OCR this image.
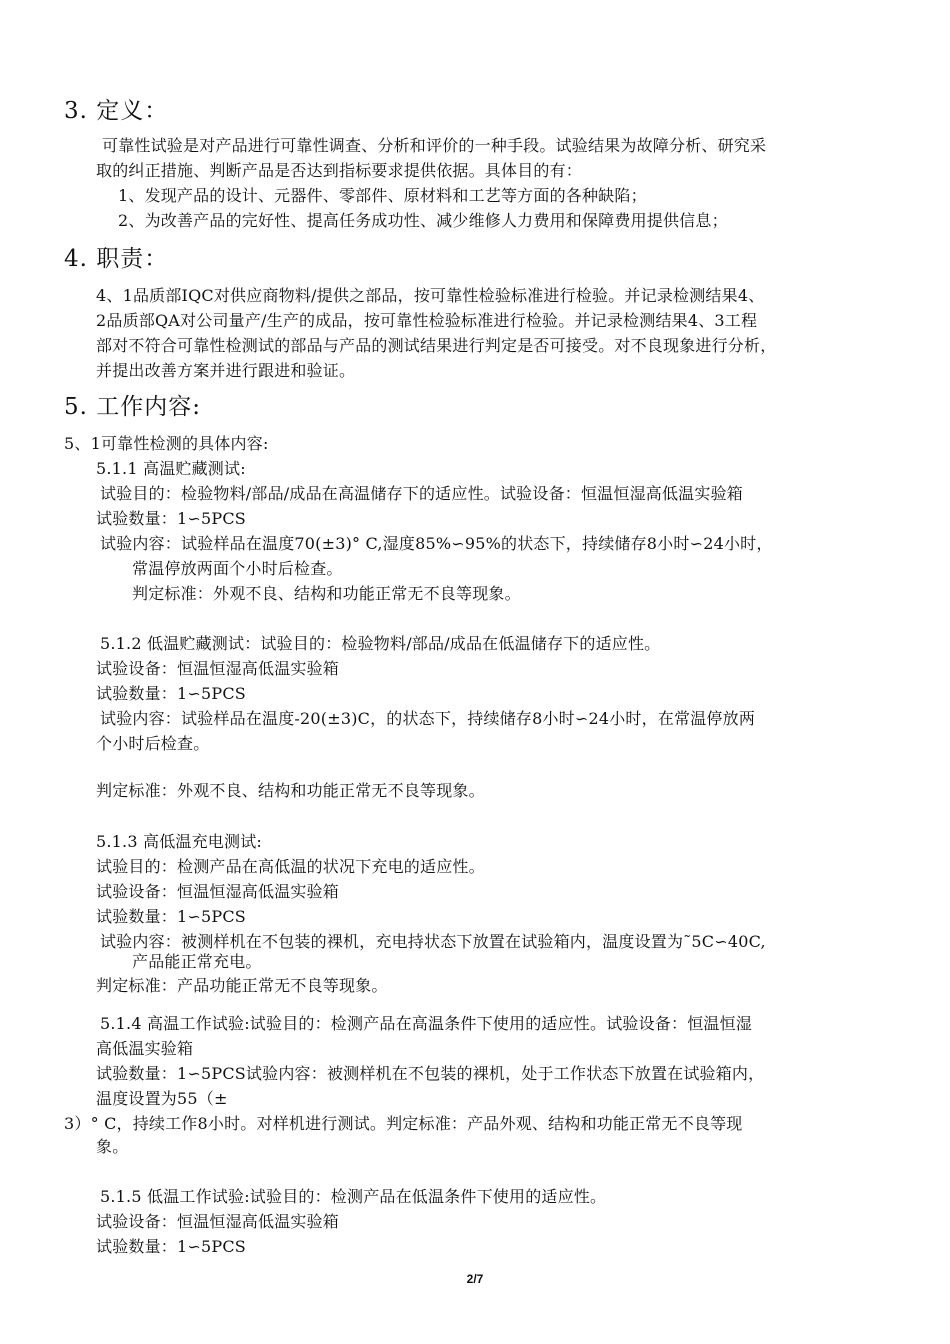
3. 定义：
可靠性试验是对产品进行可靠性调查、分析和评价的一种手段。试验结果为故障分析、研究采
取的纠正措施、判断产品是否达到指标要求提供依据。具体目的有：
1、发现产品的设计、元器件、零部件、原材料和工艺等方面的各种缺陷；
2、为改善产品的完好性、提高任务成功性、减少维修人力费用和保障费用提供信息；
4. 职责：
4、1品质部IQC对供应商物料/提供之部品，按可靠性检验标准进行检验。并记录检测结果4、
2品质部QA对公司量产/生产的成品，按可靠性检验标准进行检验。并记录检测结果4、3工程
部对不符合可靠性检测试的部品与产品的测试结果进行判定是否可接受。对不良现象进行分析，
并提出改善方案并进行跟进和验证。
5. 工作内容:
5、1可靠性检测的具体内容:
5.1.1 高温贮藏测试:
试验目的：检验物料/部品/成品在高温储存下的适应性。试验设备：恒温恒湿高低温实验箱
试验数量：1∽5PCS
试验内容：试验样品在温度70(±3)° C,湿度85%∽95%的状态下，持续储存8小时∽24小时，
常温停放两面个小时后检查。
判定标准：外观不良、结构和功能正常无不良等现象。
5.1.2 低温贮藏测试：试验目的：检验物料/部品/成品在低温储存下的适应性。
试验设备：恒温恒湿高低温实验箱
试验数量：1∽5PCS
试验内容：试验样品在温度-20(±3)C，的状态下，持续储存8小时∽24小时，在常温停放两
个小时后检查。
判定标准：外观不良、结构和功能正常无不良等现象。
5.1.3 高低温充电测试:
试验目的：检测产品在高低温的状况下充电的适应性。
试验设备：恒温恒湿高低温实验箱
试验数量：1∽5PCS
试验内容：被测样机在不包装的裸机，充电持状态下放置在试验箱内，温度设置为˜5C∽40C,
产品能正常充电。
判定标准：产品功能正常无不良等现象。
5.1.4 高温工作试验:试验目的：检测产品在高温条件下使用的适应性。试验设备：恒温恒湿
高低温实验箱
试验数量：1∽5PCS试验内容：被测样机在不包装的裸机，处于工作状态下放置在试验箱内，
温度设置为55（±
3）° C，持续工作8小时。对样机进行测试。判定标准：产品外观、结构和功能正常无不良等现
象。
5.1.5 低温工作试验:试验目的：检测产品在低温条件下使用的适应性。
试验设备：恒温恒湿高低温实验箱
试验数量：1∽5PCS
2/7
